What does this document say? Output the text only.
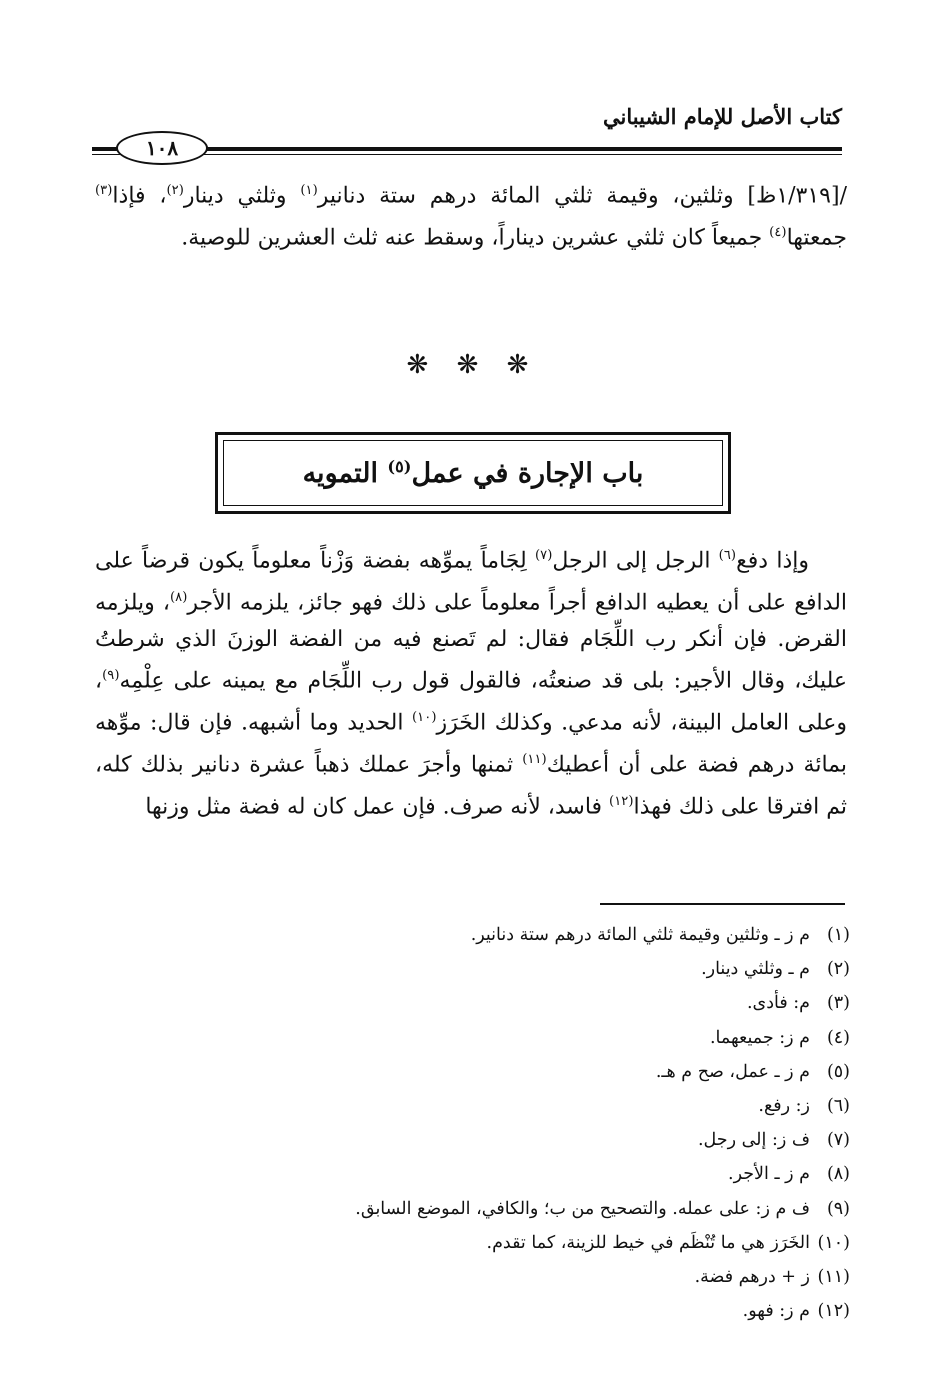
كتاب الأصل للإمام الشيباني
١٠٨
/[١/٣١٩ظ] وثلثين، وقيمة ثلثي المائة درهم ستة دنانير$^{(١)}$ وثلثي دينار$^{(٢)}$، فإذا$^{(٣)}$ جمعتها$^{(٤)}$ جميعاً كان ثلثي عشرين ديناراً، وسقط عنه ثلث العشرين للوصية.
❋ ❋ ❋
باب الإجارة في عمل$^{(٥)}$ التمويه
وإذا دفع$^{(٦)}$ الرجل إلى الرجل$^{(٧)}$ لِجَاماً يموِّهه بفضة وَزْناً معلوماً يكون قرضاً على الدافع على أن يعطيه الدافع أجراً معلوماً على ذلك فهو جائز، يلزمه الأجر$^{(٨)}$، ويلزمه القرض. فإن أنكر رب اللِّجَام فقال: لم تَصنع فيه من الفضة الوزنَ الذي شرطتُ عليك، وقال الأجير: بلى قد صنعتُه، فالقول قول رب اللِّجَام مع يمينه على عِلْمِه$^{(٩)}$، وعلى العامل البينة، لأنه مدعي. وكذلك الخَرَز$^{(١٠)}$ الحديد وما أشبهه. فإن قال: موِّهه بمائة درهم فضة على أن أعطيك$^{(١١)}$ ثمنها وأجرَ عملك ذهباً عشرة دنانير بذلك كله، ثم افترقا على ذلك فهذا$^{(١٢)}$ فاسد، لأنه صرف. فإن عمل كان له فضة مثل وزنها
(١)م ز ـ وثلثين وقيمة ثلثي المائة درهم ستة دنانير.
(٢)م ـ وثلثي دينار.
(٣)م: فأدى.
(٤)م ز: جميعهما.
(٥)م ز ـ عمل، صح م هـ.
(٦)ز: رفع.
(٧)ف ز: إلى رجل.
(٨)م ز ـ الأجر.
(٩)ف م ز: على عمله. والتصحيح من ب؛ والكافي، الموضع السابق.
(١٠)الخَرَز هي ما تُنْظَم في خيط للزينة، كما تقدم.
(١١)ز + درهم فضة.
(١٢)م ز: فهو.
